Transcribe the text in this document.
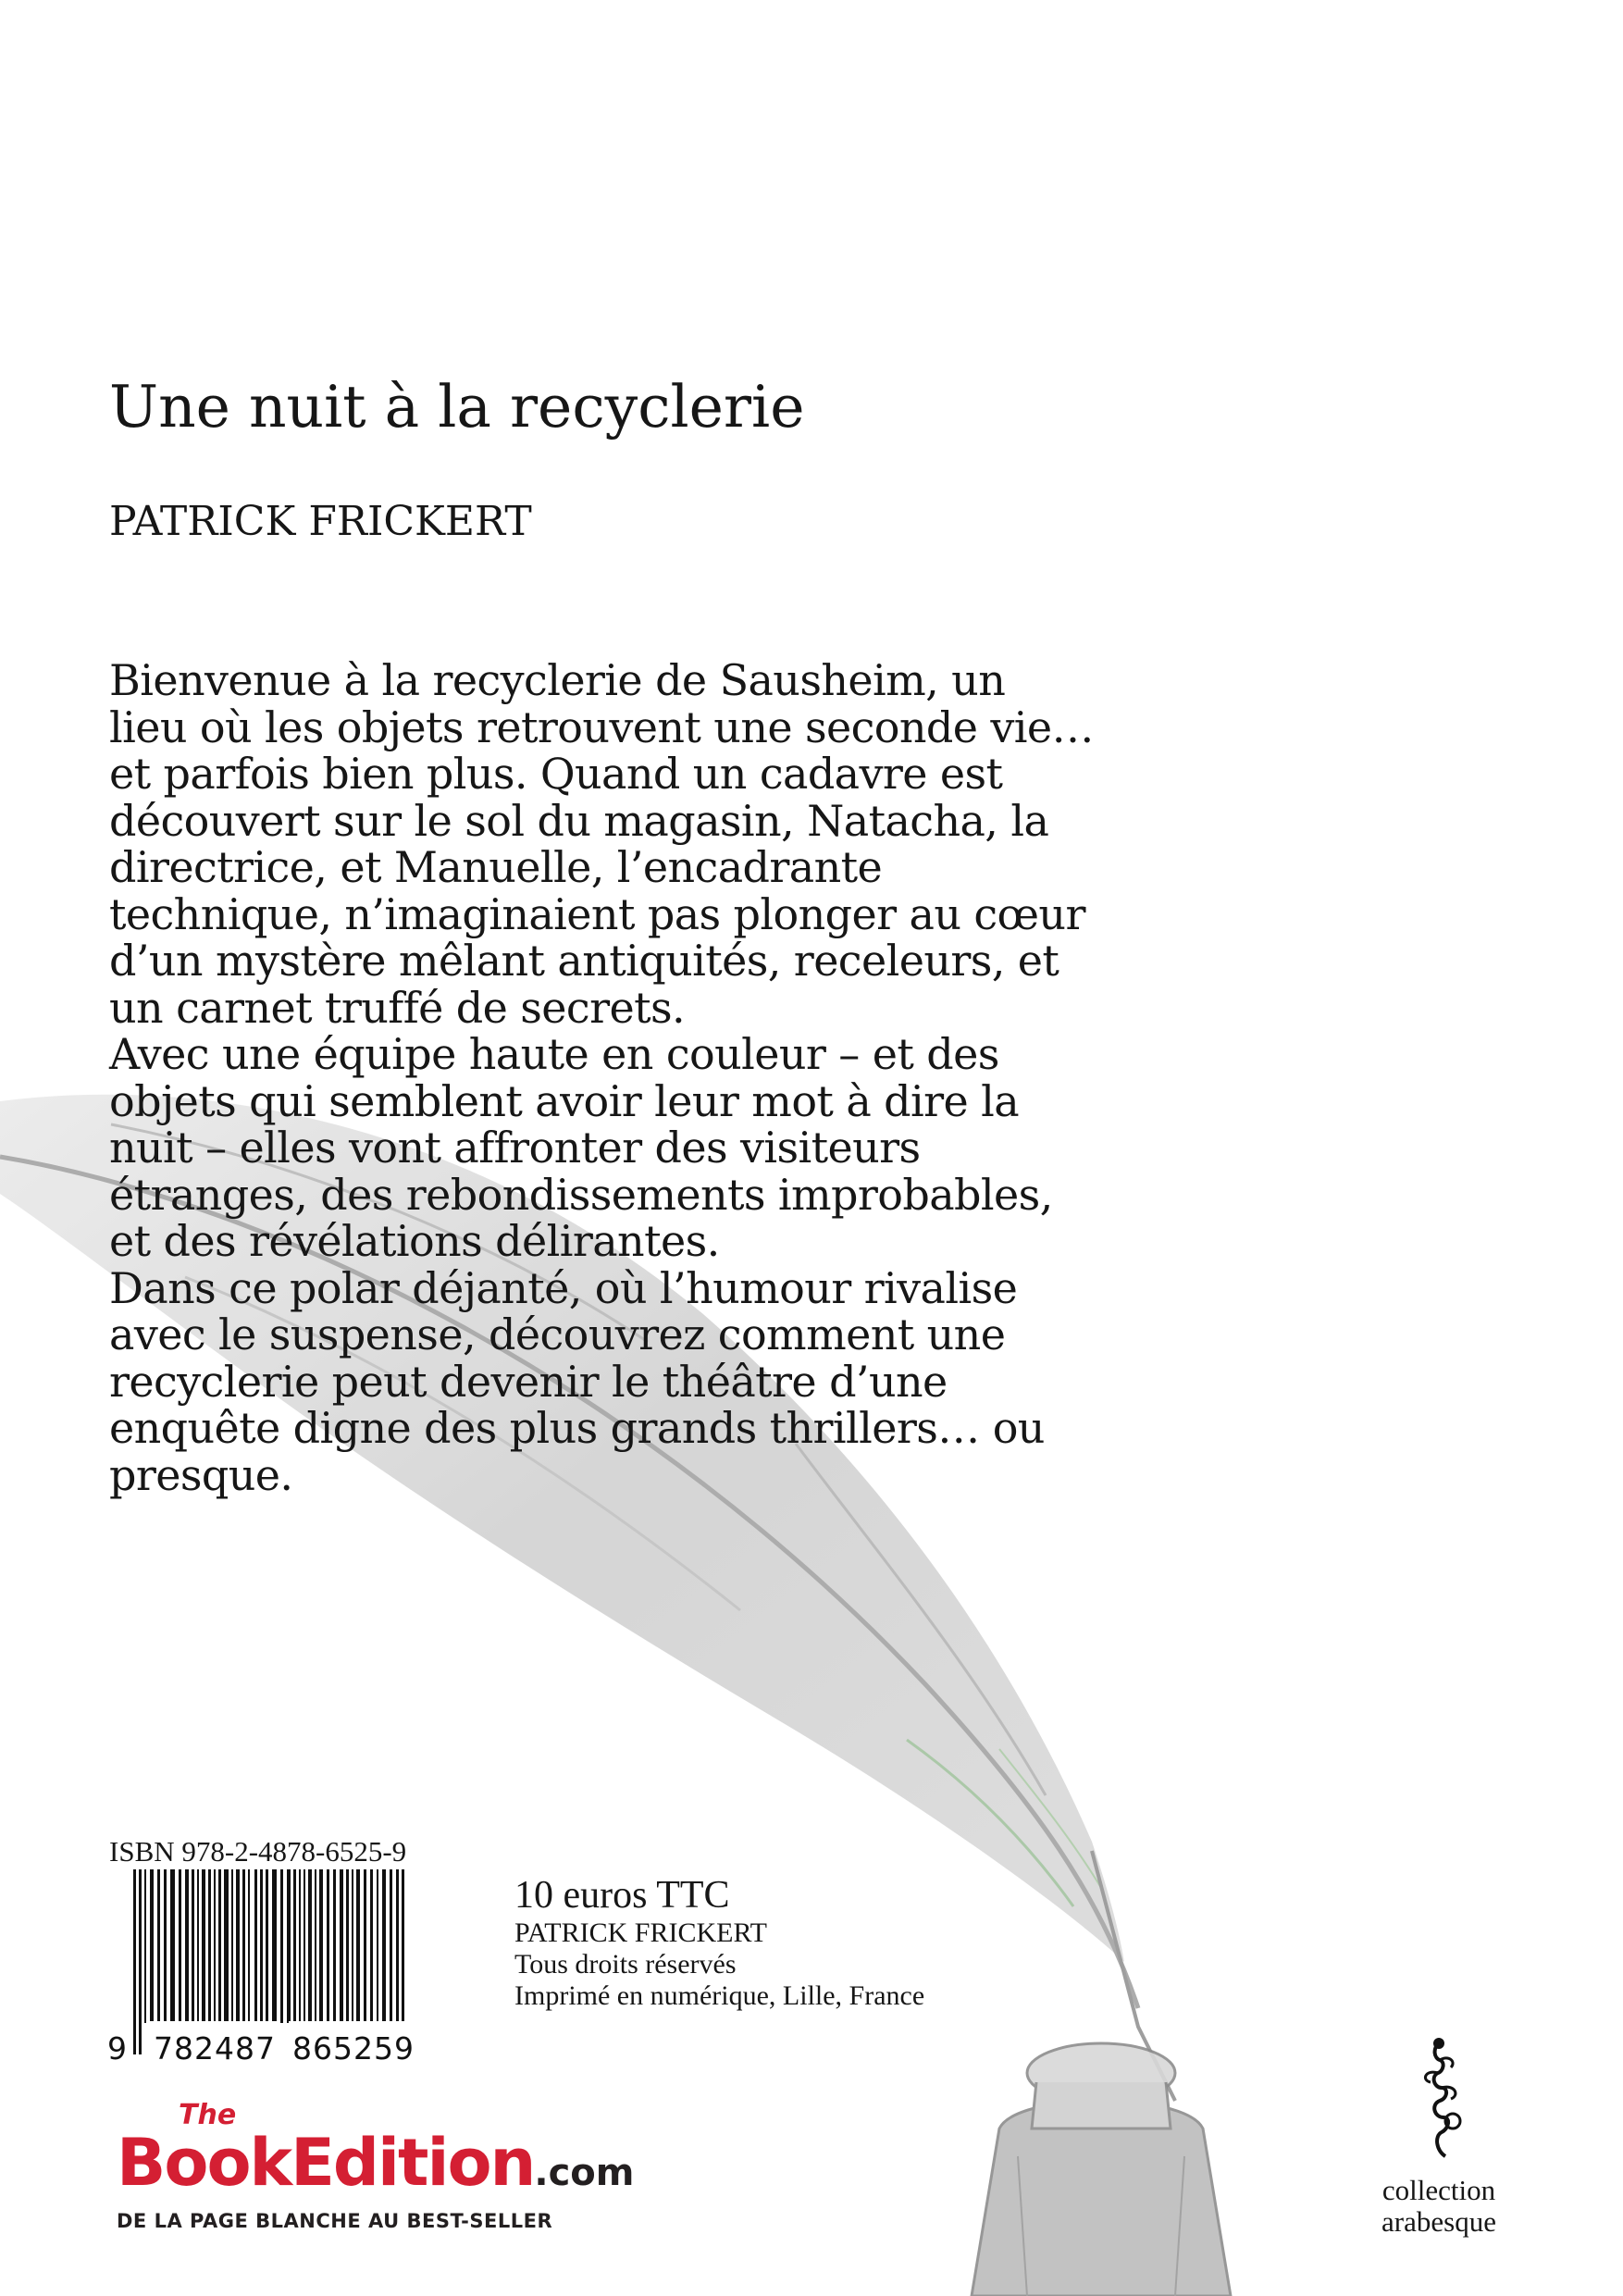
Une nuit à la recyclerie
PATRICK FRICKERT

Bienvenue à la recyclerie de Sausheim, un

lieu où les objets retrouvent une seconde vie…

et parfois bien plus. Quand un cadavre est

découvert sur le sol du magasin, Natacha, la

directrice, et Manuelle, l’encadrante

technique, n’imaginaient pas plonger au cœur

d’un mystère mêlant antiquités, receleurs, et

un carnet truffé de secrets.

Avec une équipe haute en couleur – et des

objets qui semblent avoir leur mot à dire la

nuit – elles vont affronter des visiteurs

étranges, des rebondissements improbables,

et des révélations délirantes.

Dans ce polar déjanté, où l’humour rivalise

avec le suspense, découvrez comment une

recyclerie peut devenir le théâtre d’une

enquête digne des plus grands thrillers… ou

presque.

ISBN 978-2-4878-6525-9
9 782487 865259
10 euros TTC
PATRICK FRICKERT
Tous droits réservés
Imprimé en numérique, Lille, France
The
BookEdition.com
DE LA PAGE BLANCHE AU BEST-SELLER
collection
arabesque
